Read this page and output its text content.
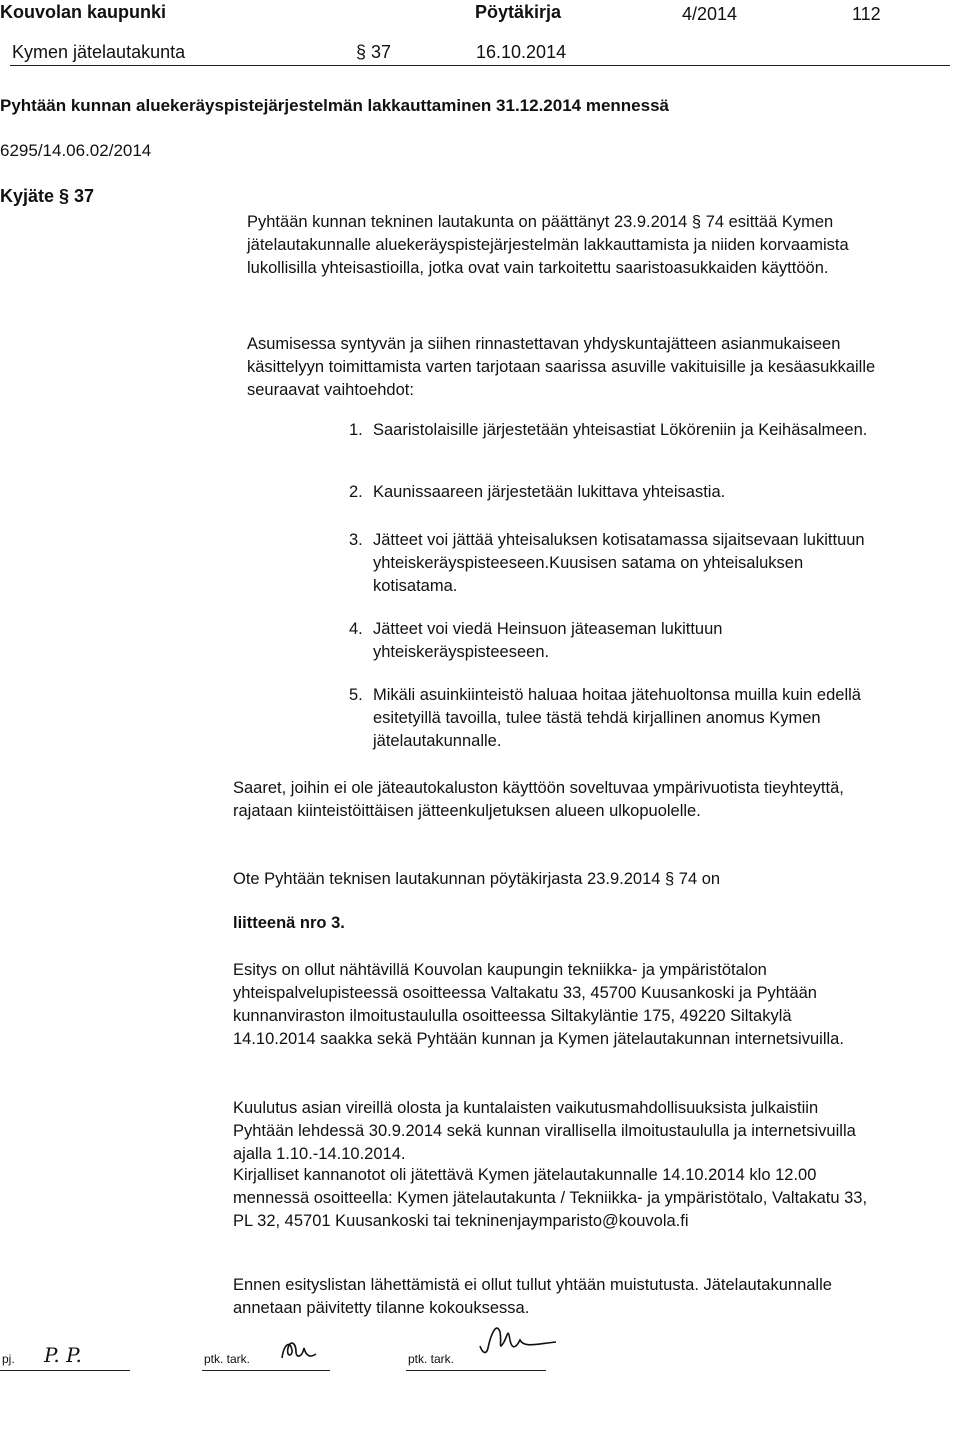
Kouvolan kaupunki	Pöytäkirja	4/2014	112
Kymen jätelautakunta	§ 37	16.10.2014
Pyhtään kunnan aluekeräyspistejärjestelmän lakkauttaminen 31.12.2014 mennessä
6295/14.06.02/2014
Kyjäte § 37
Pyhtään kunnan tekninen lautakunta on päättänyt 23.9.2014 § 74 esittää Kymen jätelautakunnalle aluekeräyspistejärjestelmän lakkauttamista ja niiden korvaamista lukollisilla yhteisastioilla, jotka ovat vain tarkoitettu saaristoasukkaiden käyttöön.
Asumisessa syntyvän ja siihen rinnastettavan yhdyskuntajätteen asianmukaiseen käsittelyyn toimittamista varten tarjotaan saarissa asuville vakituisille ja kesäasukkaille seuraavat vaihtoehdot:
1. Saaristolaisille järjestetään yhteisastiat Lököreniin ja Keihäsalmeen.
2. Kaunissaareen järjestetään lukittava yhteisastia.
3. Jätteet voi jättää yhteisaluksen kotisatamassa sijaitsevaan lukittuun yhteiskeräyspisteeseen.Kuusisen satama on yhteisaluksen kotisatama.
4. Jätteet voi viedä Heinsuon jäteaseman lukittuun yhteiskeräyspisteeseen.
5. Mikäli asuinkiinteistö haluaa hoitaa jätehuoltonsa muilla kuin edellä esitetyillä tavoilla, tulee tästä tehdä kirjallinen anomus Kymen jätelautakunnalle.
Saaret, joihin ei ole jäteautokaluston käyttöön soveltuvaa ympärivuotista tieyhteyttä, rajataan kiinteistöittäisen jätteenkuljetuksen alueen ulkopuolelle.
Ote Pyhtään teknisen lautakunnan pöytäkirjasta 23.9.2014 § 74 on
liitteenä nro 3.
Esitys on ollut nähtävillä Kouvolan kaupungin tekniikka- ja ympäristötalon yhteispalvelupisteessä osoitteessa Valtakatu 33, 45700 Kuusankoski ja Pyhtään kunnanviraston ilmoitustaululla osoitteessa Siltakyläntie 175, 49220 Siltakylä 14.10.2014 saakka sekä Pyhtään kunnan ja Kymen jätelautakunnan internetsivuilla.
Kuulutus asian vireillä olosta ja kuntalaisten vaikutusmahdollisuuksista julkaistiin Pyhtään lehdessä 30.9.2014 sekä kunnan virallisella ilmoitustaululla ja internetsivuilla ajalla 1.10.-14.10.2014.
Kirjalliset kannanotot oli jätettävä Kymen jätelautakunnalle 14.10.2014 klo 12.00 mennessä osoitteella: Kymen jätelautakunta / Tekniikka- ja ympäristötalo, Valtakatu 33, PL 32, 45701 Kuusankoski tai tekninenjaymparisto@kouvola.fi
Ennen esityslistan lähettämistä ei ollut tullut yhtään muistutusta. Jätelautakunnalle annetaan päivitetty tilanne kokouksessa.
pj. P. P.	ptk. tark.	ptk. tark.
